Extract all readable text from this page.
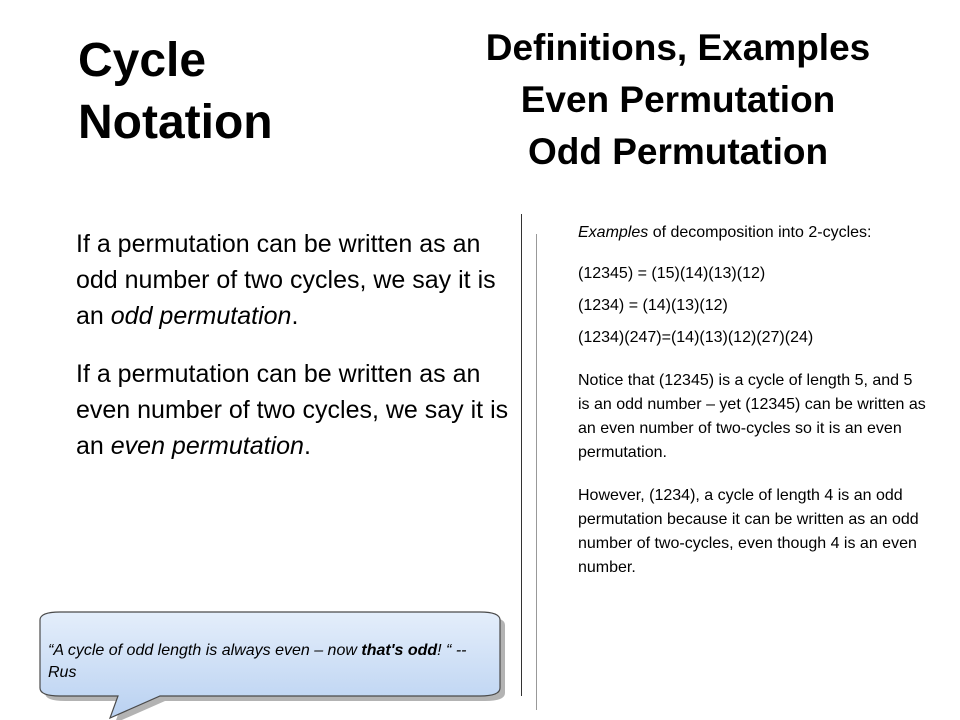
Cycle
Notation
Definitions, Examples
Even Permutation
Odd Permutation

If a permutation can be written as an odd number of two cycles, we say it is an odd permutation.

If a permutation can be written as an even number of two cycles, we say it is an even permutation.

Examples of decomposition into 2-cycles:

(12345) = (15)(14)(13)(12)

(1234) = (14)(13)(12)

(1234)(247)=(14)(13)(12)(27)(24)

Notice that (12345) is a cycle of length 5, and 5 is an odd number – yet (12345) can be written as an even number of two-cycles so it is an even permutation.

However, (1234), a cycle of length 4 is an odd permutation because it can be written as an odd number of two-cycles, even though 4 is an even number.

“A cycle of odd length is always even – now that's odd! “ -- Rus
